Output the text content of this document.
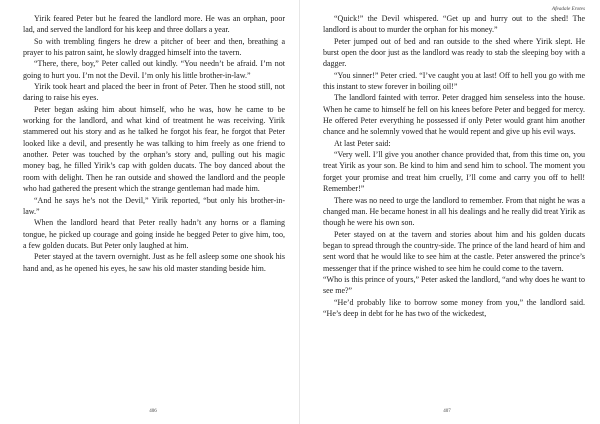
Yirik feared Peter but he feared the landlord more. He was an orphan, poor lad, and served the landlord for his keep and three dollars a year.

So with trembling fingers he drew a pitcher of beer and then, breathing a prayer to his patron saint, he slowly dragged himself into the tavern.

“There, there, boy,” Peter called out kindly. “You needn’t be afraid. I’m not going to hurt you. I’m not the Devil. I’m only his little brother-in-law.”

Yirik took heart and placed the beer in front of Peter. Then he stood still, not daring to raise his eyes.

Peter began asking him about himself, who he was, how he came to be working for the landlord, and what kind of treatment he was receiving. Yirik stammered out his story and as he talked he forgot his fear, he forgot that Peter looked like a devil, and presently he was talking to him freely as one friend to another. Peter was touched by the orphan’s story and, pulling out his magic money bag, he filled Yirik’s cap with golden ducats. The boy danced about the room with delight. Then he ran outside and showed the landlord and the people who had gathered the present which the strange gentleman had made him.

“And he says he’s not the Devil,” Yirik reported, “but only his brother-in-law.”

When the landlord heard that Peter really hadn’t any horns or a flaming tongue, he picked up courage and going inside he begged Peter to give him, too, a few golden ducats. But Peter only laughed at him.

Peter stayed at the tavern overnight. Just as he fell asleep some one shook his hand and, as he opened his eyes, he saw his old master standing beside him.

406
Afeadale Erotes

“Quick!” the Devil whispered. “Get up and hurry out to the shed! The landlord is about to murder the orphan for his money.”

Peter jumped out of bed and ran outside to the shed where Yirik slept. He burst open the door just as the landlord was ready to stab the sleeping boy with a dagger.

“You sinner!” Peter cried. “I’ve caught you at last! Off to hell you go with me this instant to stew forever in boiling oil!”

The landlord fainted with terror. Peter dragged him senseless into the house. When he came to himself he fell on his knees before Peter and begged for mercy. He offered Peter everything he possessed if only Peter would grant him another chance and he solemnly vowed that he would repent and give up his evil ways.

At last Peter said:

“Very well. I’ll give you another chance provided that, from this time on, you treat Yirik as your son. Be kind to him and send him to school. The moment you forget your promise and treat him cruelly, I’ll come and carry you off to hell! Remember!”

There was no need to urge the landlord to remember. From that night he was a changed man. He became honest in all his dealings and he really did treat Yirik as though he were his own son.

Peter stayed on at the tavern and stories about him and his golden ducats began to spread through the country-side. The prince of the land heard of him and sent word that he would like to see him at the castle. Peter answered the prince’s messenger that if the prince wished to see him he could come to the tavern.

“Who is this prince of yours,” Peter asked the landlord, “and why does he want to see me?”

“He’d probably like to borrow some money from you,” the landlord said. “He’s deep in debt for he has two of the wickedest,

407
